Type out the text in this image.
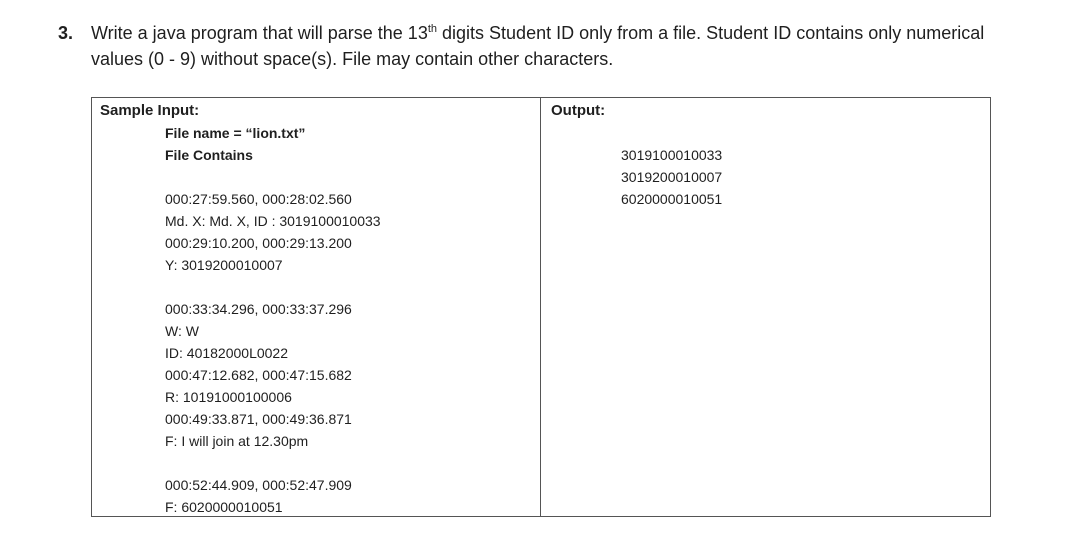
3. Write a java program that will parse the 13th digits Student ID only from a file. Student ID contains only numerical values (0 - 9) without space(s). File may contain other characters.
Sample Input:
File name = “lion.txt”
File Contains
000:27:59.560, 000:28:02.560
Md. X: Md. X, ID : 3019100010033
000:29:10.200, 000:29:13.200
Y: 3019200010007
000:33:34.296, 000:33:37.296
W: W
ID: 40182000L0022
000:47:12.682, 000:47:15.682
R: 10191000100006
000:49:33.871, 000:49:36.871
F: I will join at 12.30pm
000:52:44.909, 000:52:47.909
F: 6020000010051
Output:
3019100010033
3019200010007
6020000010051
